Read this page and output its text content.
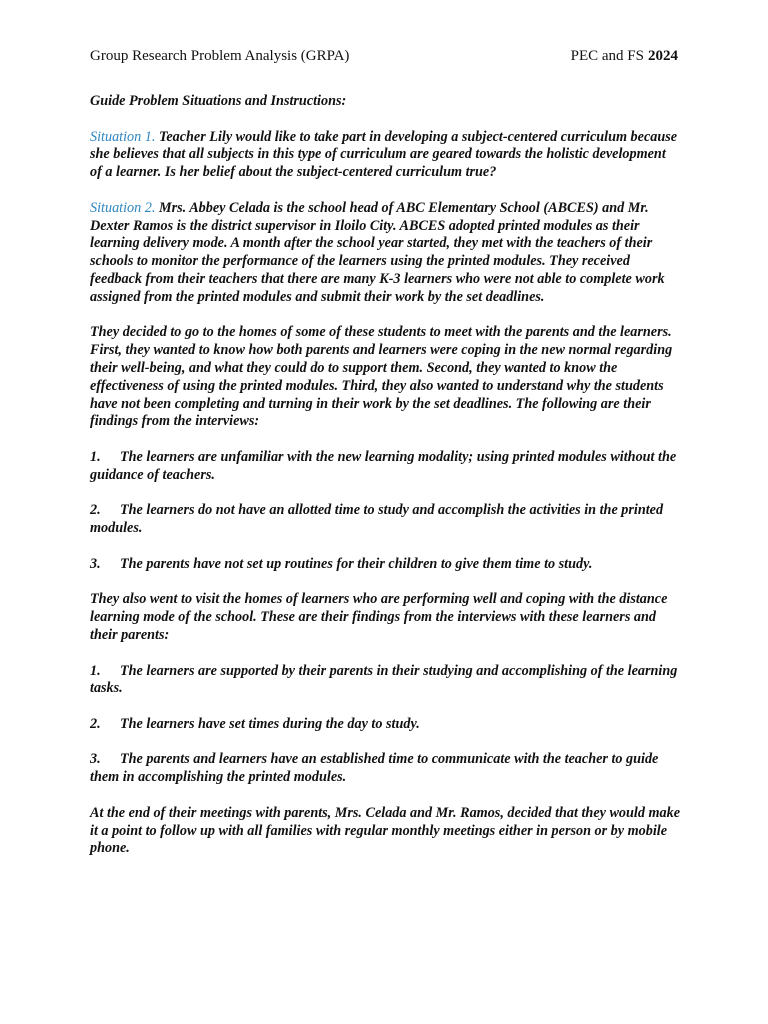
Group Research Problem Analysis (GRPA)	PEC and FS 2024

Guide Problem Situations and Instructions:

Situation 1. Teacher Lily would like to take part in developing a subject-centered curriculum because she believes that all subjects in this type of curriculum are geared towards the holistic development of a learner. Is her belief about the subject-centered curriculum true?

Situation 2. Mrs. Abbey Celada is the school head of ABC Elementary School (ABCES) and Mr. Dexter Ramos is the district supervisor in Iloilo City. ABCES adopted printed modules as their learning delivery mode. A month after the school year started, they met with the teachers of their schools to monitor the performance of the learners using the printed modules. They received feedback from their teachers that there are many K-3 learners who were not able to complete work assigned from the printed modules and submit their work by the set deadlines.

They decided to go to the homes of some of these students to meet with the parents and the learners. First, they wanted to know how both parents and learners were coping in the new normal regarding their well-being, and what they could do to support them. Second, they wanted to know the effectiveness of using the printed modules. Third, they also wanted to understand why the students have not been completing and turning in their work by the set deadlines. The following are their findings from the interviews:

1. The learners are unfamiliar with the new learning modality; using printed modules without the guidance of teachers.

2. The learners do not have an allotted time to study and accomplish the activities in the printed modules.

3. The parents have not set up routines for their children to give them time to study.

They also went to visit the homes of learners who are performing well and coping with the distance learning mode of the school. These are their findings from the interviews with these learners and their parents:

1. The learners are supported by their parents in their studying and accomplishing of the learning tasks.

2. The learners have set times during the day to study.

3. The parents and learners have an established time to communicate with the teacher to guide them in accomplishing the printed modules.

At the end of their meetings with parents, Mrs. Celada and Mr. Ramos, decided that they would make it a point to follow up with all families with regular monthly meetings either in person or by mobile phone.
